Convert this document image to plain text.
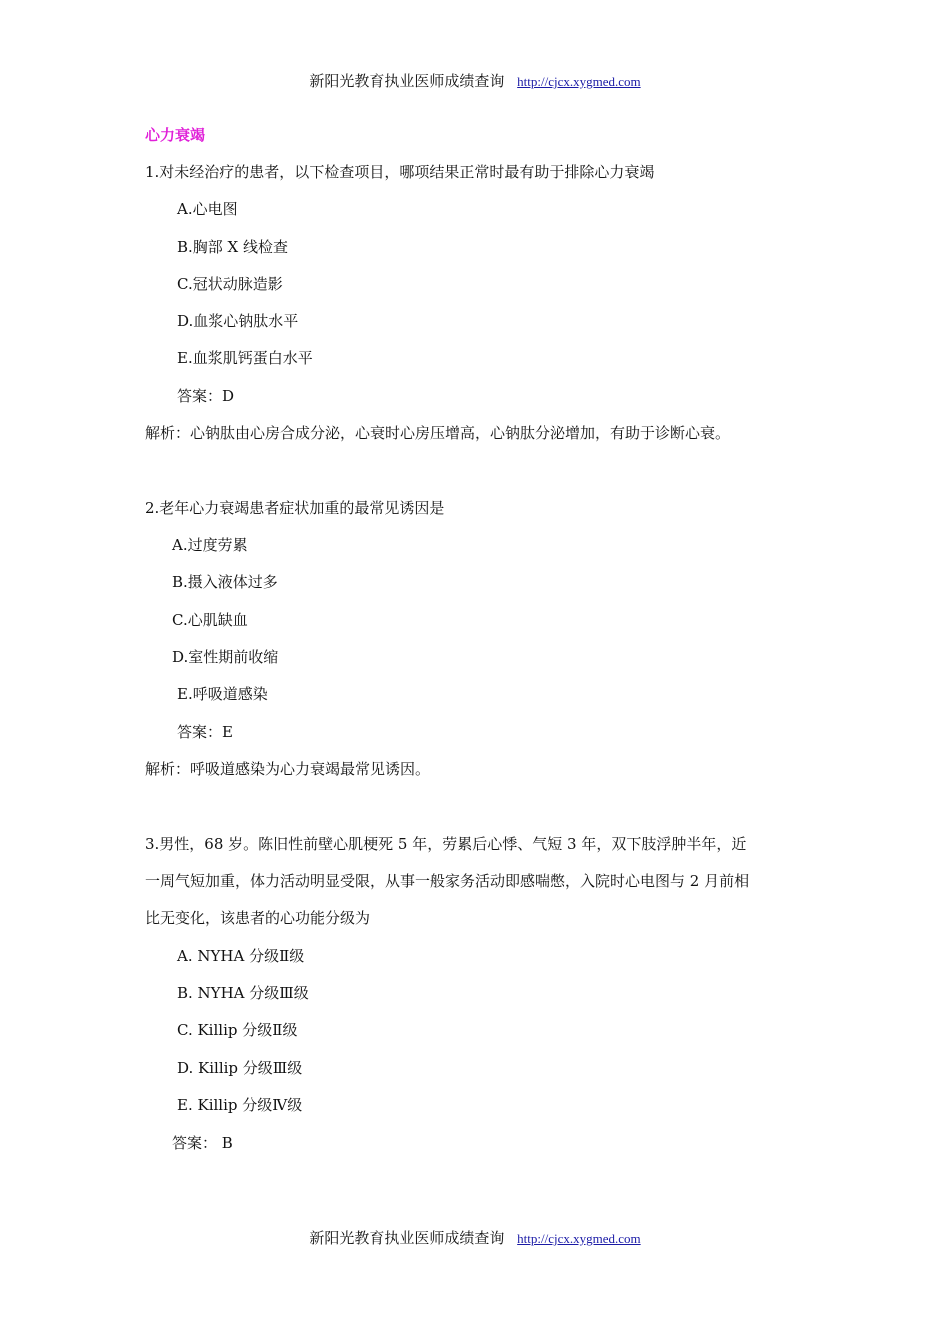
新阳光教育执业医师成绩查询 http://cjcx.xygmed.com
心力衰竭
1.对未经治疗的患者，以下检查项目，哪项结果正常时最有助于排除心力衰竭
A.心电图
B.胸部 X 线检查
C.冠状动脉造影
D.血浆心钠肽水平
E.血浆肌钙蛋白水平
答案：D
解析：心钠肽由心房合成分泌，心衰时心房压增高，心钠肽分泌增加，有助于诊断心衰。
2.老年心力衰竭患者症状加重的最常见诱因是
A.过度劳累
B.摄入液体过多
C.心肌缺血
D.室性期前收缩
E.呼吸道感染
答案：E
解析：呼吸道感染为心力衰竭最常见诱因。
3.男性，68 岁。陈旧性前壁心肌梗死 5 年，劳累后心悸、气短 3 年，双下肢浮肿半年，近
一周气短加重，体力活动明显受限，从事一般家务活动即感喘憋，入院时心电图与 2 月前相
比无变化，该患者的心功能分级为
A. NYHA 分级Ⅱ级
B. NYHA 分级Ⅲ级
C. Killip 分级Ⅱ级
D. Killip 分级Ⅲ级
E. Killip 分级Ⅳ级
答案： B
新阳光教育执业医师成绩查询 http://cjcx.xygmed.com
